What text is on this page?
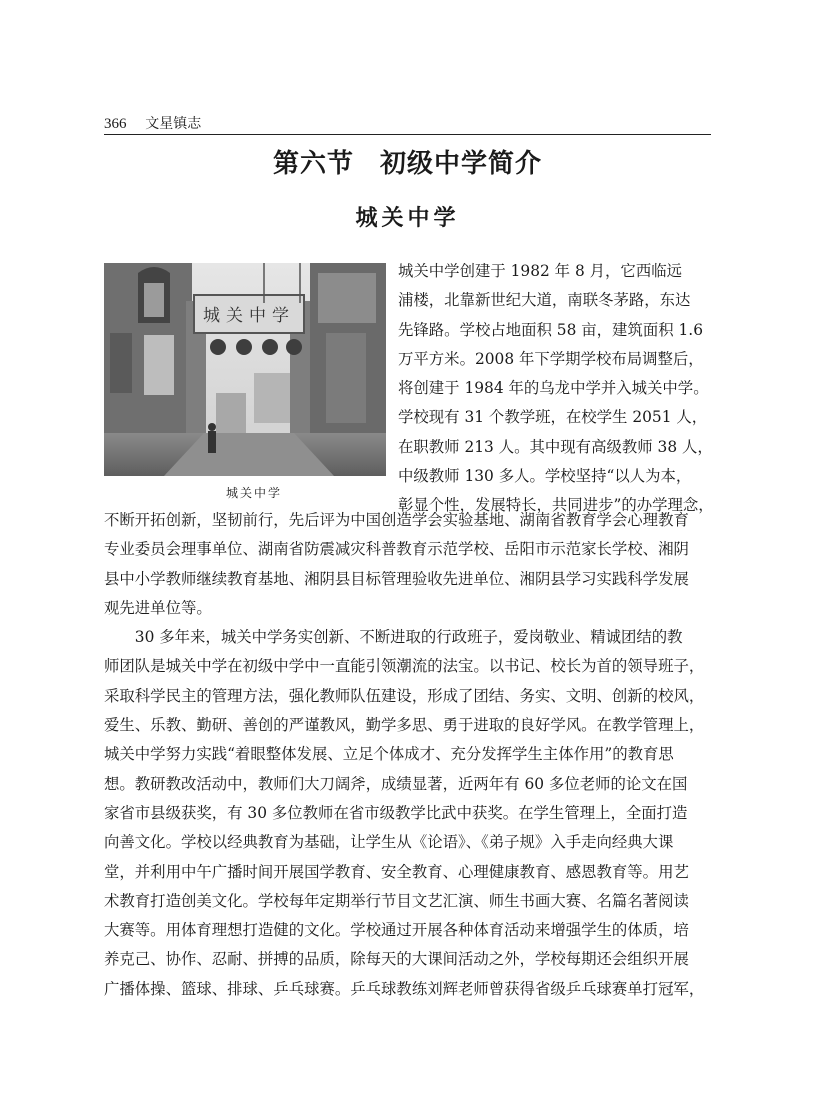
366 文星镇志
第六节 初级中学简介
城关中学
城关中学
城关中学
城关中学创建于 1982 年 8 月，它西临远
浦楼，北靠新世纪大道，南联冬茅路，东达
先锋路。学校占地面积 58 亩，建筑面积 1.6
万平方米。2008 年下学期学校布局调整后，
将创建于 1984 年的乌龙中学并入城关中学。
学校现有 31 个教学班，在校学生 2051 人，
在职教师 213 人。其中现有高级教师 38 人，
中级教师 130 多人。学校坚持“以人为本，
彰显个性，发展特长，共同进步”的办学理念，
不断开拓创新，坚韧前行，先后评为中国创造学会实验基地、湖南省教育学会心理教育
专业委员会理事单位、湖南省防震减灾科普教育示范学校、岳阳市示范家长学校、湘阴
县中小学教师继续教育基地、湘阴县目标管理验收先进单位、湘阴县学习实践科学发展
观先进单位等。
　　30 多年来，城关中学务实创新、不断进取的行政班子，爱岗敬业、精诚团结的教
师团队是城关中学在初级中学中一直能引领潮流的法宝。以书记、校长为首的领导班子，
采取科学民主的管理方法，强化教师队伍建设，形成了团结、务实、文明、创新的校风，
爱生、乐教、勤研、善创的严谨教风，勤学多思、勇于进取的良好学风。在教学管理上，
城关中学努力实践“着眼整体发展、立足个体成才、充分发挥学生主体作用”的教育思
想。教研教改活动中，教师们大刀阔斧，成绩显著，近两年有 60 多位老师的论文在国
家省市县级获奖，有 30 多位教师在省市级教学比武中获奖。在学生管理上，全面打造
向善文化。学校以经典教育为基础，让学生从《论语》、《弟子规》入手走向经典大课
堂，并利用中午广播时间开展国学教育、安全教育、心理健康教育、感恩教育等。用艺
术教育打造创美文化。学校每年定期举行节目文艺汇演、师生书画大赛、名篇名著阅读
大赛等。用体育理想打造健的文化。学校通过开展各种体育活动来增强学生的体质，培
养克己、协作、忍耐、拼搏的品质，除每天的大课间活动之外，学校每期还会组织开展
广播体操、篮球、排球、乒乓球赛。乒乓球教练刘辉老师曾获得省级乒乓球赛单打冠军，
